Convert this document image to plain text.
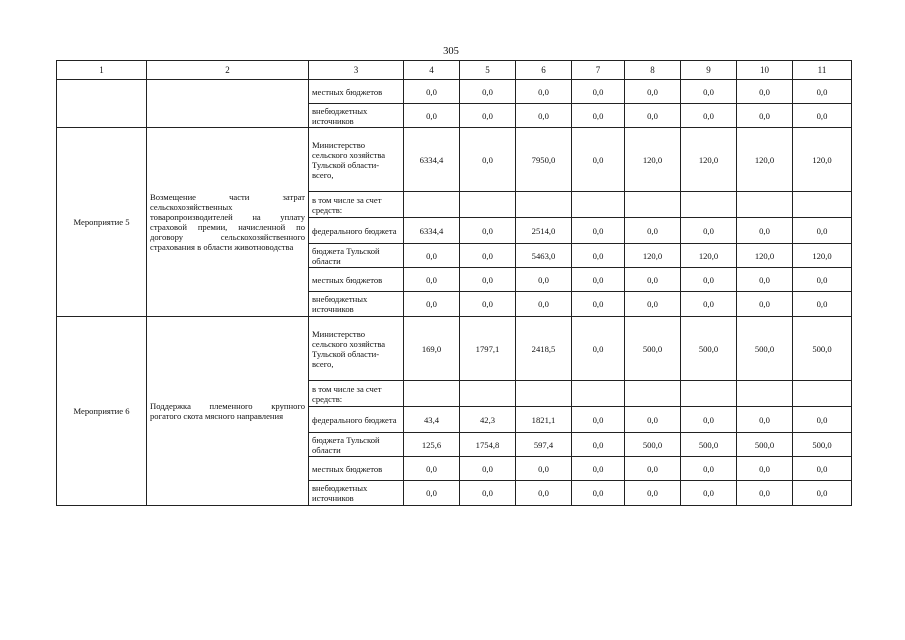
305
1	2	3	4	5	6	7	8	9	10	11
		местных бюджетов	0,0	0,0	0,0	0,0	0,0	0,0	0,0	0,0
		внебюджетных источников	0,0	0,0	0,0	0,0	0,0	0,0	0,0	0,0
Мероприятие 5	Возмещение части затрат сельскохозяйственных товаропроизводителей на уплату страховой премии, начисленной по договору сельскохозяйственного страхования в области животноводства	Министерство сельского хозяйства Тульской области-всего,	6334,4	0,0	7950,0	0,0	120,0	120,0	120,0	120,0
		в том числе за счет средств:								
		федерального бюджета	6334,4	0,0	2514,0	0,0	0,0	0,0	0,0	0,0
		бюджета Тульской области	0,0	0,0	5463,0	0,0	120,0	120,0	120,0	120,0
		местных бюджетов	0,0	0,0	0,0	0,0	0,0	0,0	0,0	0,0
		внебюджетных источников	0,0	0,0	0,0	0,0	0,0	0,0	0,0	0,0
Мероприятие 6	Поддержка племенного крупного рогатого скота мясного направления	Министерство сельского хозяйства Тульской области-всего,	169,0	1797,1	2418,5	0,0	500,0	500,0	500,0	500,0
		в том числе за счет средств:								
		федерального бюджета	43,4	42,3	1821,1	0,0	0,0	0,0	0,0	0,0
		бюджета Тульской области	125,6	1754,8	597,4	0,0	500,0	500,0	500,0	500,0
		местных бюджетов	0,0	0,0	0,0	0,0	0,0	0,0	0,0	0,0
		внебюджетных источников	0,0	0,0	0,0	0,0	0,0	0,0	0,0	0,0
